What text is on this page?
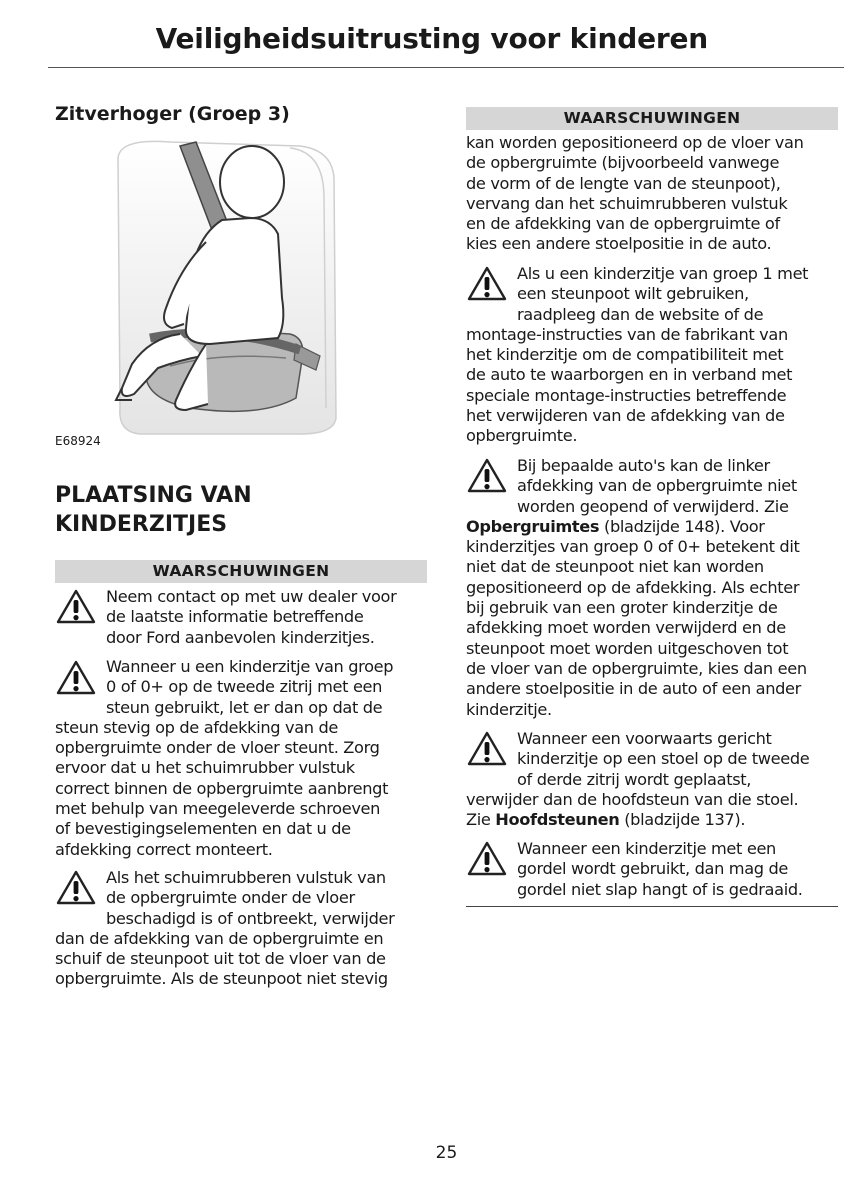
Veiligheidsuitrusting voor kinderen
Zitverhoger (Groep 3)
E68924
PLAATSING VAN
KINDERZITJES
WAARSCHUWINGEN
Neem contact op met uw dealer voor
de laatste informatie betreffende
door Ford aanbevolen kinderzitjes.
Wanneer u een kinderzitje van groep
0 of 0+ op de tweede zitrij met een
steun gebruikt, let er dan op dat de
steun stevig op de afdekking van de
opbergruimte onder de vloer steunt. Zorg
ervoor dat u het schuimrubber vulstuk
correct binnen de opbergruimte aanbrengt
met behulp van meegeleverde schroeven
of bevestigingselementen en dat u de
afdekking correct monteert.
Als het schuimrubberen vulstuk van
de opbergruimte onder de vloer
beschadigd is of ontbreekt, verwijder
dan de afdekking van de opbergruimte en
schuif de steunpoot uit tot de vloer van de
opbergruimte. Als de steunpoot niet stevig
WAARSCHUWINGEN
kan worden gepositioneerd op de vloer van
de opbergruimte (bijvoorbeeld vanwege
de vorm of de lengte van de steunpoot),
vervang dan het schuimrubberen vulstuk
en de afdekking van de opbergruimte of
kies een andere stoelpositie in de auto.
Als u een kinderzitje van groep 1 met
een steunpoot wilt gebruiken,
raadpleeg dan de website of de
montage-instructies van de fabrikant van
het kinderzitje om de compatibiliteit met
de auto te waarborgen en in verband met
speciale montage-instructies betreffende
het verwijderen van de afdekking van de
opbergruimte.
Bij bepaalde auto's kan de linker
afdekking van de opbergruimte niet
worden geopend of verwijderd. Zie
Opbergruimtes (bladzijde 148). Voor
kinderzitjes van groep 0 of 0+ betekent dit
niet dat de steunpoot niet kan worden
gepositioneerd op de afdekking. Als echter
bij gebruik van een groter kinderzitje de
afdekking moet worden verwijderd en de
steunpoot moet worden uitgeschoven tot
de vloer van de opbergruimte, kies dan een
andere stoelpositie in de auto of een ander
kinderzitje.
Wanneer een voorwaarts gericht
kinderzitje op een stoel op de tweede
of derde zitrij wordt geplaatst,
verwijder dan de hoofdsteun van die stoel.
Zie Hoofdsteunen (bladzijde 137).
Wanneer een kinderzitje met een
gordel wordt gebruikt, dan mag de
gordel niet slap hangt of is gedraaid.
25
